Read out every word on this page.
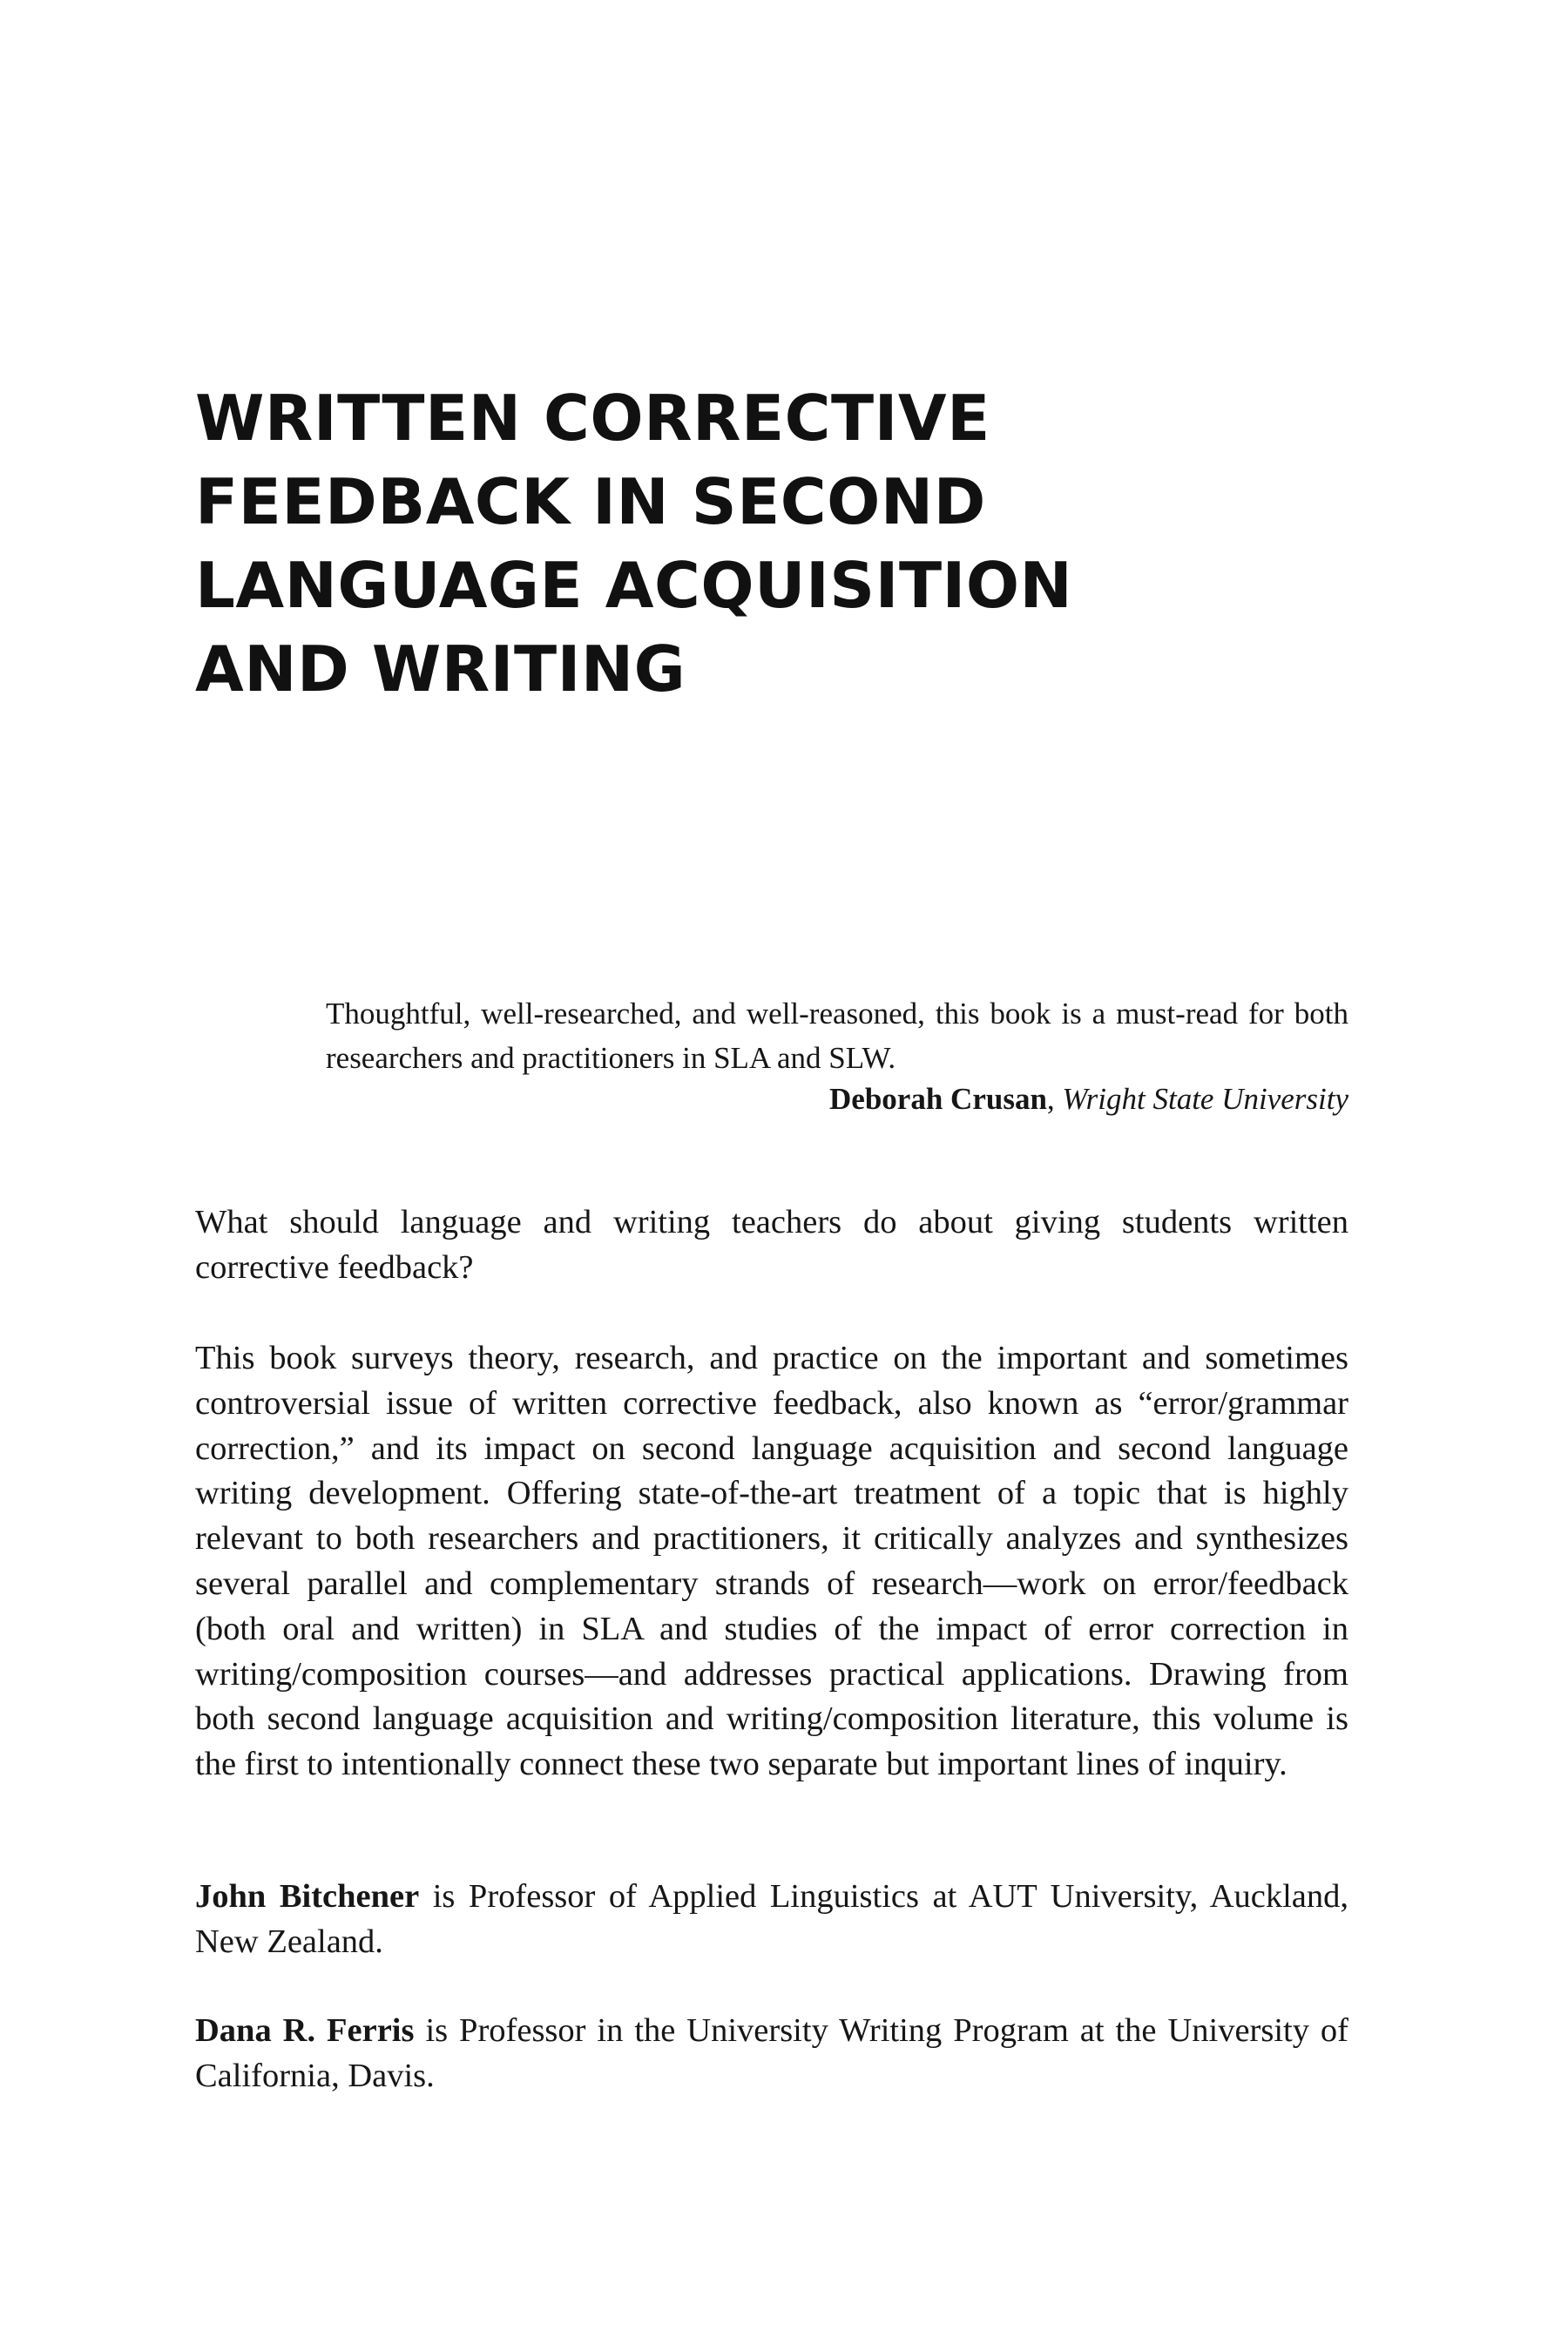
WRITTEN CORRECTIVE
FEEDBACK IN SECOND
LANGUAGE ACQUISITION
AND WRITING

Thoughtful, well-researched, and well-reasoned, this book is a must-read for both researchers and practitioners in SLA and SLW.

Deborah Crusan, Wright State University

What should language and writing teachers do about giving students written corrective feedback?

This book surveys theory, research, and practice on the important and sometimes controversial issue of written corrective feedback, also known as “error/grammar correction,” and its impact on second language acquisition and second language writing development. Offering state-of-the-art treatment of a topic that is highly relevant to both researchers and practitioners, it critically analyzes and synthesizes several parallel and complementary strands of research—work on error/feedback (both oral and written) in SLA and studies of the impact of error correction in writing/composition courses—and addresses practical applications. Drawing from both second language acquisition and writing/composition literature, this volume is the first to intentionally connect these two separate but important lines of inquiry.

John Bitchener is Professor of Applied Linguistics at AUT University, Auckland, New Zealand.

Dana R. Ferris is Professor in the University Writing Program at the University of California, Davis.
